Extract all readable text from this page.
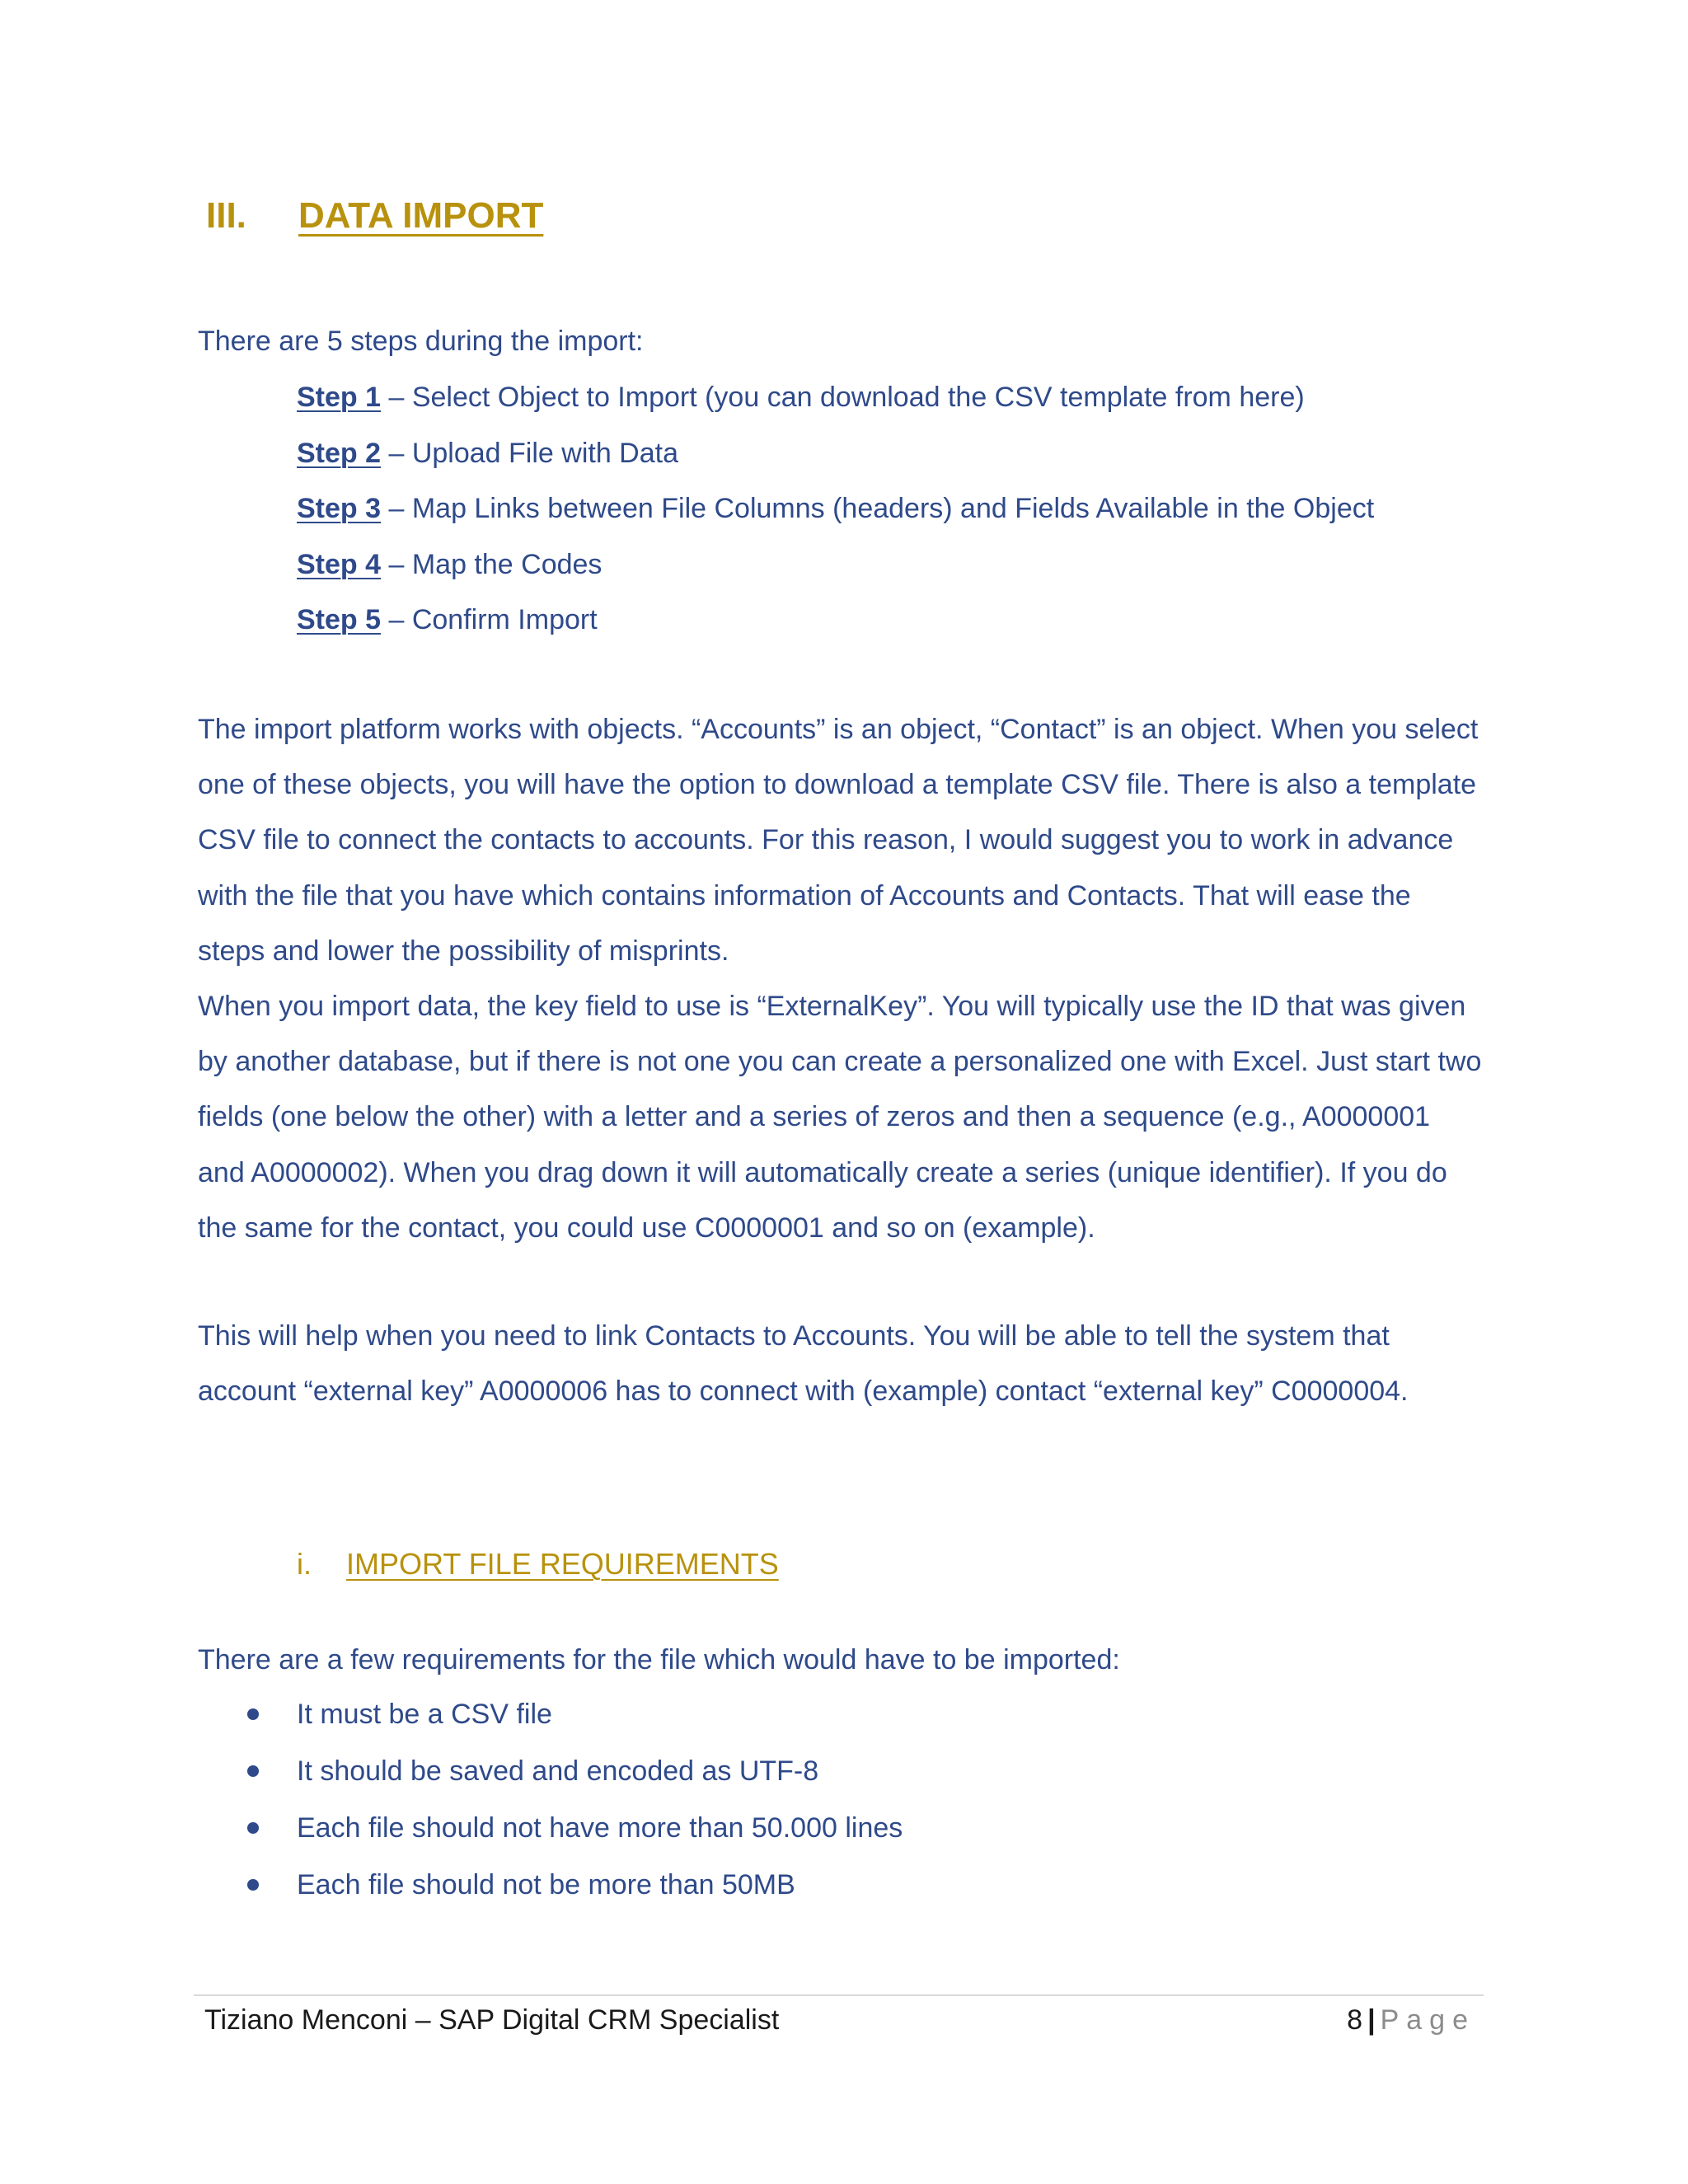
III. DATA IMPORT
There are 5 steps during the import:
Step 1 – Select Object to Import (you can download the CSV template from here)
Step 2 – Upload File with Data
Step 3 – Map Links between File Columns (headers) and Fields Available in the Object
Step 4 – Map the Codes
Step 5 – Confirm Import
The import platform works with objects. “Accounts” is an object, “Contact” is an object. When you select one of these objects, you will have the option to download a template CSV file. There is also a template CSV file to connect the contacts to accounts. For this reason, I would suggest you to work in advance with the file that you have which contains information of Accounts and Contacts. That will ease the steps and lower the possibility of misprints.
When you import data, the key field to use is “ExternalKey”. You will typically use the ID that was given by another database, but if there is not one you can create a personalized one with Excel. Just start two fields (one below the other) with a letter and a series of zeros and then a sequence (e.g., A0000001 and A0000002). When you drag down it will automatically create a series (unique identifier). If you do the same for the contact, you could use C0000001 and so on (example).
This will help when you need to link Contacts to Accounts. You will be able to tell the system that account “external key” A0000006 has to connect with (example) contact “external key” C0000004.
i. IMPORT FILE REQUIREMENTS
There are a few requirements for the file which would have to be imported:
It must be a CSV file
It should be saved and encoded as UTF-8
Each file should not have more than 50.000 lines
Each file should not be more than 50MB
Tiziano Menconi – SAP Digital CRM Specialist	8 | Page
